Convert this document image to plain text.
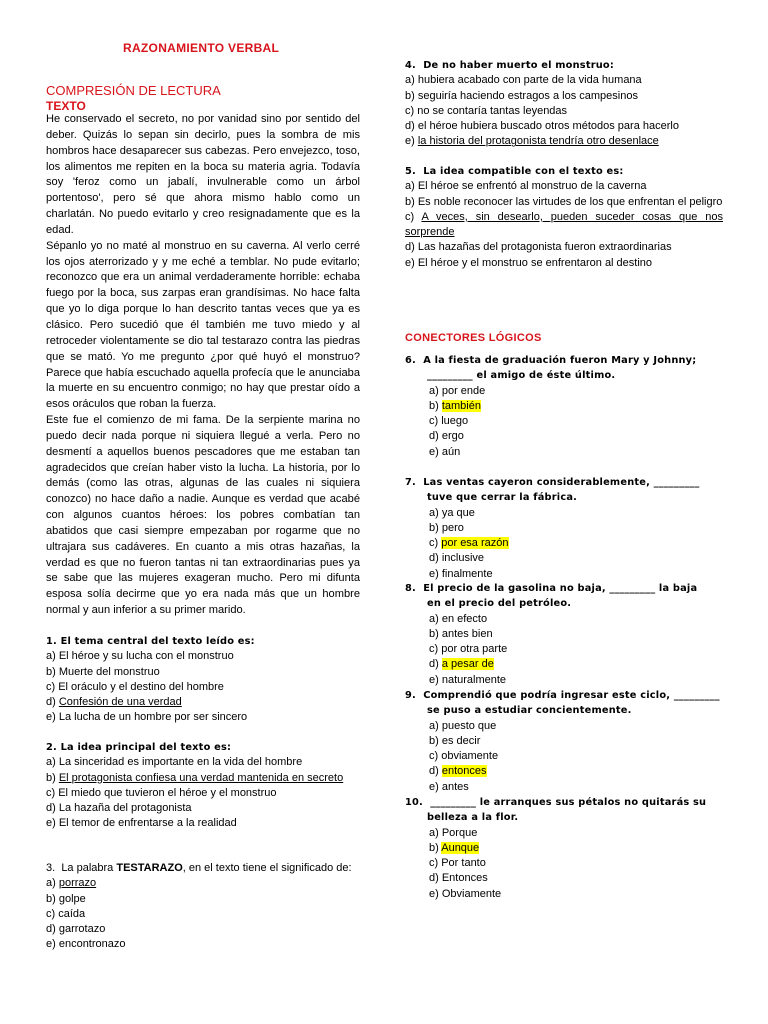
RAZONAMIENTO VERBAL
COMPRESIÓN DE LECTURA
TEXTO

He conservado el secreto, no por vanidad sino por sentido del deber. Quizás lo sepan sin decirlo, pues la sombra de mis hombros hace desaparecer sus cabezas. Pero envejezco, toso, los alimentos me repiten en la boca su materia agria. Todavía soy 'feroz como un jabalí, invulnerable como un árbol portentoso', pero sé que ahora mismo hablo como un charlatán. No puedo evitarlo y creo resignadamente que es la edad.

Sépanlo yo no maté al monstruo en su caverna. Al verlo cerré los ojos aterrorizado y y me eché a temblar. No pude evitarlo; reconozco que era un animal verdaderamente horrible: echaba fuego por la boca, sus zarpas eran grandísimas. No hace falta que yo lo diga porque lo han descrito tantas veces que ya es clásico. Pero sucedió que él también me tuvo miedo y al retroceder violentamente se dio tal testarazo contra las piedras que se mató. Yo me pregunto ¿por qué huyó el monstruo? Parece que había escuchado aquella profecía que le anunciaba la muerte en su encuentro conmigo; no hay que prestar oído a esos oráculos que roban la fuerza.

Este fue el comienzo de mi fama. De la serpiente marina no puedo decir nada porque ni siquiera llegué a verla. Pero no desmentí a aquellos buenos pescadores que me estaban tan agradecidos que creían haber visto la lucha. La historia, por lo demás (como las otras, algunas de las cuales ni siquiera conozco) no hace daño a nadie. Aunque es verdad que acabé con algunos cuantos héroes: los pobres combatían tan abatidos que casi siempre empezaban por rogarme que no ultrajara sus cadáveres. En cuanto a mis otras hazañas, la verdad es que no fueron tantas ni tan extraordinarias pues ya se sabe que las mujeres exageran mucho. Pero mi difunta esposa solía decirme que yo era nada más que un hombre normal y aun inferior a su primer marido.

1. El tema central del texto leído es:
a) El héroe y su lucha con el monstruo
b) Muerte del monstruo
c) El oráculo y el destino del hombre
d) Confesión de una verdad
e) La lucha de un hombre por ser sincero
2. La idea principal del texto es:
a) La sinceridad es importante en la vida del hombre
b) El protagonista confiesa una verdad mantenida en secreto
c) El miedo que tuvieron el héroe y el monstruo
d) La hazaña del protagonista
e) El temor de enfrentarse a la realidad
3. La palabra TESTARAZO, en el texto tiene el significado de:
a) porrazo
b) golpe
c) caída
d) garrotazo
e) encontronazo
4. De no haber muerto el monstruo:
a) hubiera acabado con parte de la vida humana
b) seguiría haciendo estragos a los campesinos
c) no se contaría tantas leyendas
d) el héroe hubiera buscado otros métodos para hacerlo
e) la historia del protagonista tendría otro desenlace
5. La idea compatible con el texto es:
a) El héroe se enfrentó al monstruo de la caverna
b) Es noble reconocer las virtudes de los que enfrentan el peligro
c) A veces, sin desearlo, pueden suceder cosas que nos sorprende
d) Las hazañas del protagonista fueron extraordinarias
e) El héroe y el monstruo se enfrentaron al destino
CONECTORES LÓGICOS
6. A la fiesta de graduación fueron Mary y Johnny;
_________ el amigo de éste último.
a) por ende
b) también
c) luego
d) ergo
e) aún
7. Las ventas cayeron considerablemente, _________
tuve que cerrar la fábrica.
a) ya que
b) pero
c) por esa razón
d) inclusive
e) finalmente
8. El precio de la gasolina no baja, _________ la baja
en el precio del petróleo.
a) en efecto
b) antes bien
c) por otra parte
d) a pesar de
e) naturalmente
9. Comprendió que podría ingresar este ciclo, _________
se puso a estudiar concientemente.
a) puesto que
b) es decir
c) obviamente
d) entonces
e) antes
10. _________ le arranques sus pétalos no quitarás su
belleza a la flor.
a) Porque
b) Aunque
c) Por tanto
d) Entonces
e) Obviamente
